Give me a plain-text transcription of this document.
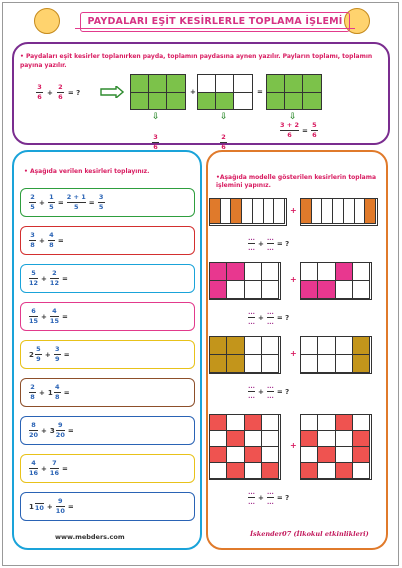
PAYDALARI EŞİT KESİRLERLE TOPLAMA İŞLEMİ
• Paydaları eşit kesirler toplanırken payda, toplamın paydasına aynen yazılır. Payların toplamı, toplamın payına yazılır.
$\frac{3}{6} + \frac{2}{6}$ = ?	+	=
⇩
$\frac{3}{6}$
⇩
$\frac{2}{6}$
⇩
$\frac{3 + 2}{6} = \frac{5}{6}$
• Aşağıda verilen kesirleri toplayınız.
$\frac{2}{5} + \frac{1}{5} = \frac{2 + 1}{5} = \frac{3}{5}$
$\frac{3}{8} + \frac{4}{8}$ =
$\frac{5}{12} + \frac{2}{12}$ =
$\frac{6}{15} + \frac{4}{15}$ =
$2 \frac{5}{9} + \frac{3}{9}$ =
$\frac{2}{8} + 1 \frac{4}{8}$ =
$\frac{8}{20} + 3 \frac{9}{20}$ =
$\frac{4}{16} + \frac{7}{16}$ =
1 $10 + \frac{9}{10}$ =
•Aşağıda modelle gösterilen kesirlerin toplama işlemini yapınız.
+
$\frac{...}{...} + \frac{...}{...}$ = ?
+
$\frac{...}{...} + \frac{...}{...}$ = ?
+
$\frac{...}{...} + \frac{...}{...}$ = ?
+
$\frac{...}{...} + \frac{...}{...}$ = ?
www.mebders.com	İskender07 (İlkokul etkinlikleri)
